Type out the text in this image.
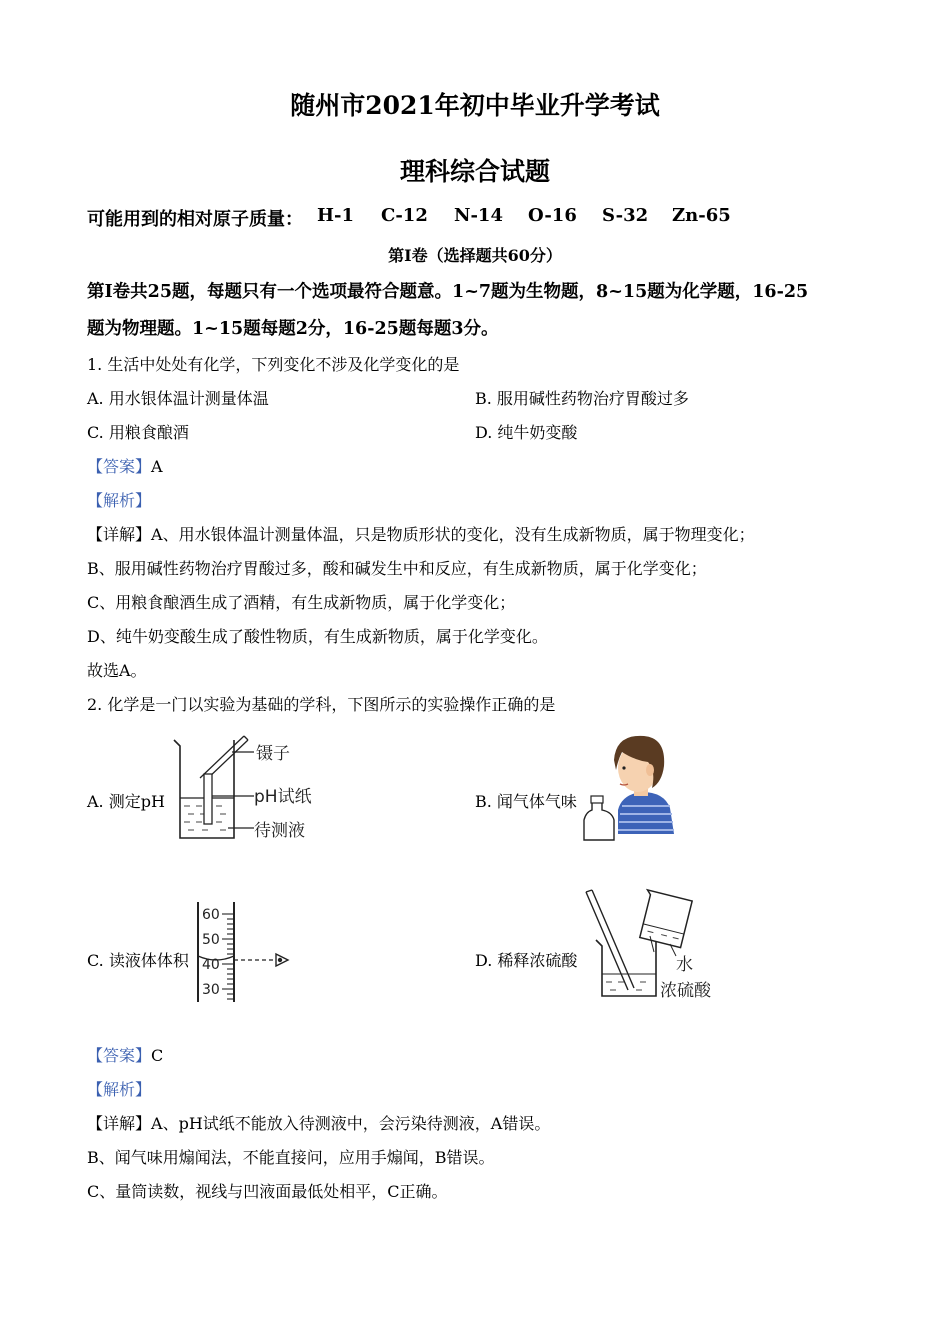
随州市2021年初中毕业升学考试
理科综合试题
可能用到的相对原子质量： H-1 C-12 N-14 O-16 S-32 Zn-65
第Ⅰ卷（选择题共60分）
第Ⅰ卷共25题，每题只有一个选项最符合题意。1~7题为生物题，8~15题为化学题，16-25
题为物理题。1~15题每题2分，16-25题每题3分。
1. 生活中处处有化学，下列变化不涉及化学变化的是
A. 用水银体温计测量体温	B. 服用碱性药物治疗胃酸过多
C. 用粮食酿酒	D. 纯牛奶变酸
【答案】A
【解析】
【详解】A、用水银体温计测量体温，只是物质形状的变化，没有生成新物质，属于物理变化；
B、服用碱性药物治疗胃酸过多，酸和碱发生中和反应，有生成新物质，属于化学变化；
C、用粮食酿酒生成了酒精，有生成新物质，属于化学变化；
D、纯牛奶变酸生成了酸性物质，有生成新物质，属于化学变化。
故选A。
2. 化学是一门以实验为基础的学科，下图所示的实验操作正确的是
A. 测定pH
镊子
pH试纸
待测液
B. 闻气体气味
C. 读液体体积
60
50
40
30
D. 稀释浓硫酸	水
浓硫酸
【答案】C
【解析】
【详解】A、pH试纸不能放入待测液中，会污染待测液，A错误。
B、闻气味用煽闻法，不能直接问，应用手煽闻，B错误。
C、量筒读数，视线与凹液面最低处相平，C正确。
